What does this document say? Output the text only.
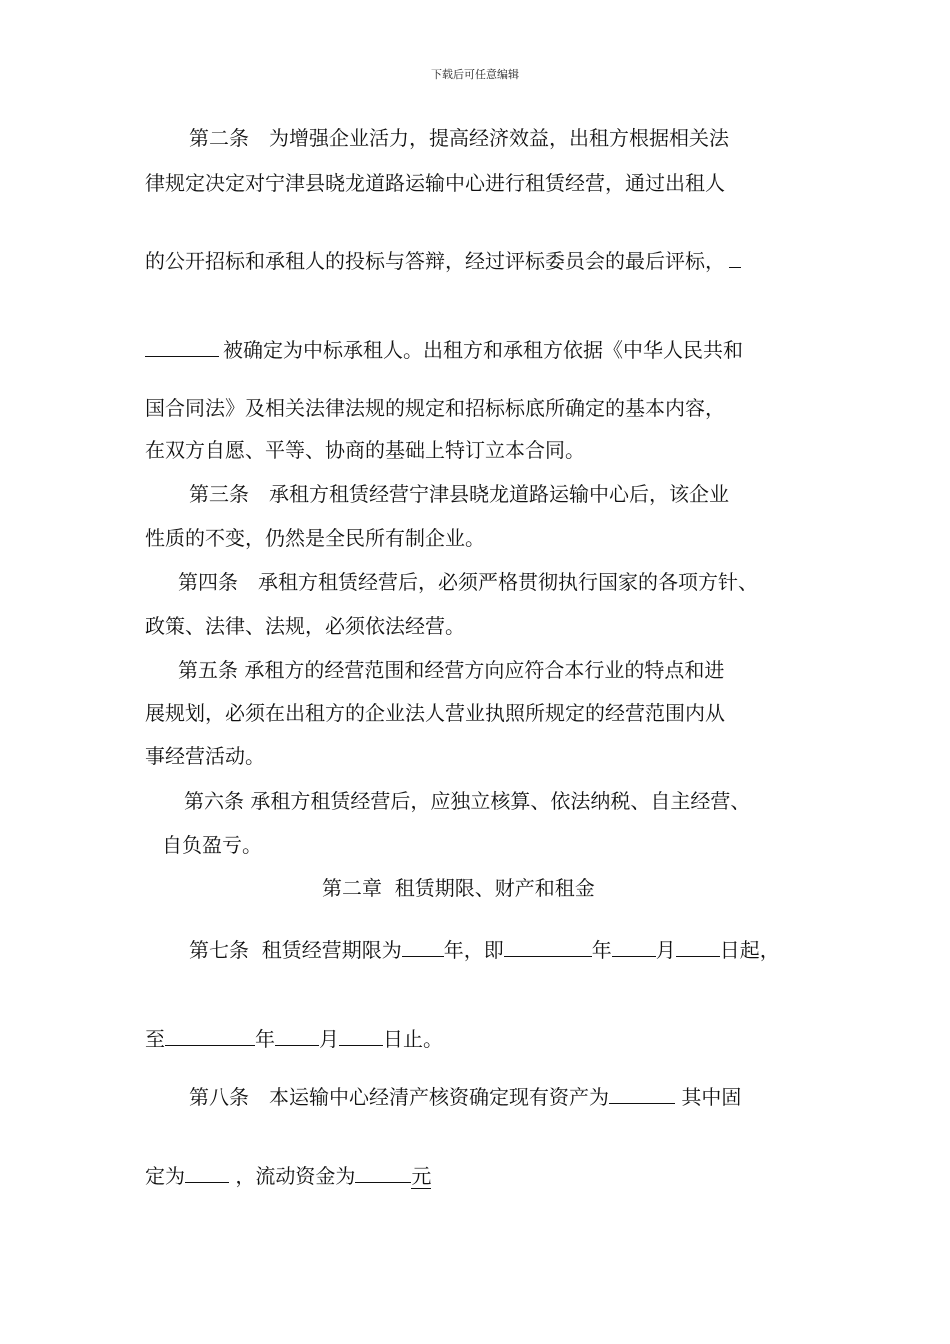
下载后可任意编辑
第二条　为增强企业活力，提高经济效益，出租方根据相关法
律规定决定对宁津县晓龙道路运输中心进行租赁经营，通过出租人
的公开招标和承租人的投标与答辩，经过评标委员会的最后评标，
被确定为中标承租人。出租方和承租方依据《中华人民共和
国合同法》及相关法律法规的规定和招标标底所确定的基本内容，
在双方自愿、平等、协商的基础上特订立本合同。
第三条　承租方租赁经营宁津县晓龙道路运输中心后，该企业
性质的不变，仍然是全民所有制企业。
第四条　承租方租赁经营后，必须严格贯彻执行国家的各项方针、
政策、法律、法规，必须依法经营。
第五条 承租方的经营范围和经营方向应符合本行业的特点和进
展规划，必须在出租方的企业法人营业执照所规定的经营范围内从
事经营活动。
第六条 承租方租赁经营后，应独立核算、依法纳税、自主经营、
自负盈亏。
第二章  租赁期限、财产和租金
第七条  租赁经营期限为 年，即	年 月 日起，
至	年 月 日止。
第八条　本运输中心经清产核资确定现有资产为	其中固
定为 ，流动资金为	元
